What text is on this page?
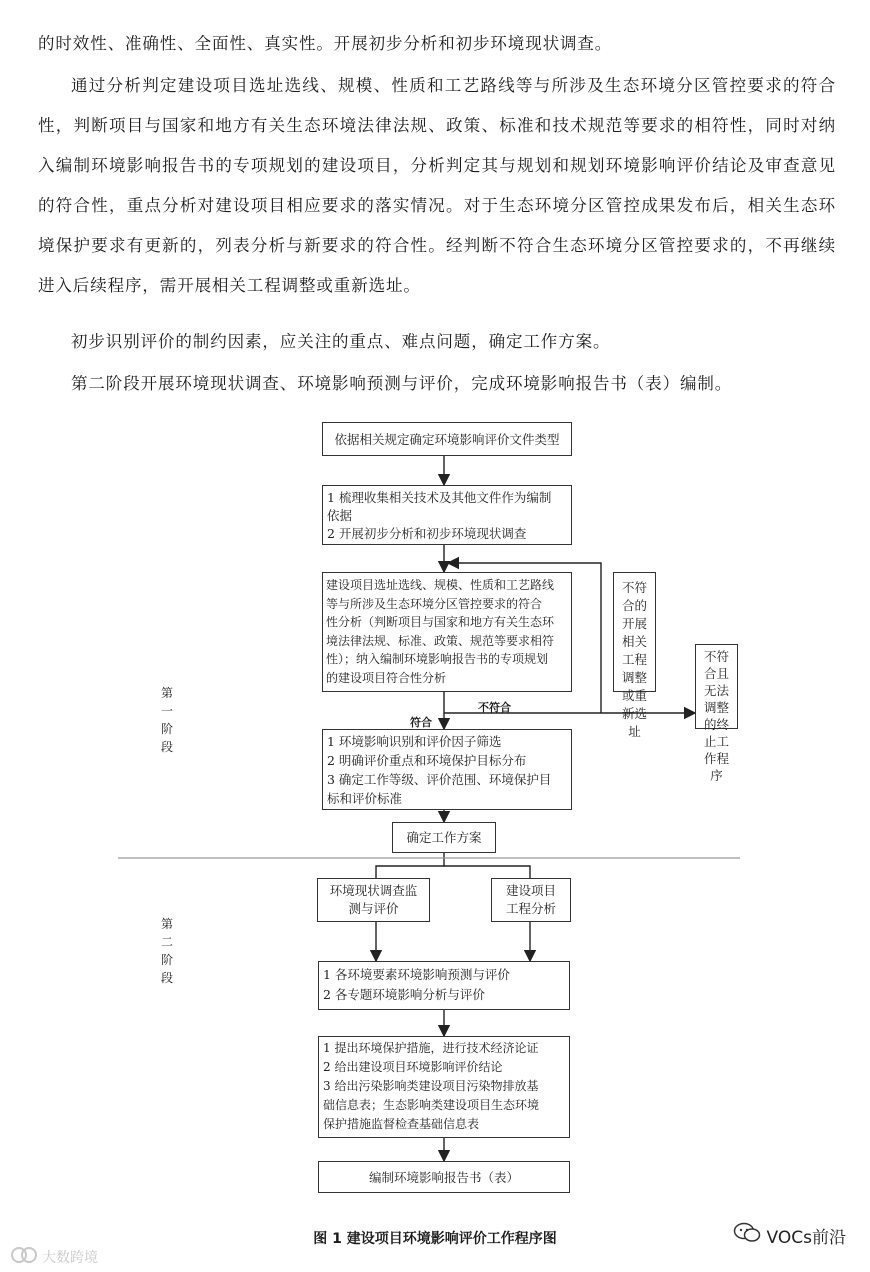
的时效性、准确性、全面性、真实性。开展初步分析和初步环境现状调查。

通过分析判定建设项目选址选线、规模、性质和工艺路线等与所涉及生态环境分区管控要求的符合性，判断项目与国家和地方有关生态环境法律法规、政策、标准和技术规范等要求的相符性，同时对纳入编制环境影响报告书的专项规划的建设项目，分析判定其与规划和规划环境影响评价结论及审查意见的符合性，重点分析对建设项目相应要求的落实情况。对于生态环境分区管控成果发布后，相关生态环境保护要求有更新的，列表分析与新要求的符合性。经判断不符合生态环境分区管控要求的，不再继续进入后续程序，需开展相关工程调整或重新选址。

初步识别评价的制约因素，应关注的重点、难点问题，确定工作方案。

第二阶段开展环境现状调查、环境影响预测与评价，完成环境影响报告书（表）编制。

依据相关规定确定环境影响评价文件类型
1 梳理收集相关技术及其他文件作为编制
依据
2 开展初步分析和初步环境现状调查
建设项目选址选线、规模、性质和工艺路线
等与所涉及生态环境分区管控要求的符合
性分析（判断项目与国家和地方有关生态环
境法律法规、标准、政策、规范等要求相符
性）；纳入编制环境影响报告书的专项规划
的建设项目符合性分析
不符合的开展相关工程调整或重新选址
不符合且无法调整的终止工作程序
不符合
符合
1 环境影响识别和评价因子筛选
2 明确评价重点和环境保护目标分布
3 确定工作等级、评价范围、环境保护目
标和评价标准
确定工作方案
第一阶段
第二阶段
环境现状调查监测与评价
建设项目工程分析
1 各环境要素环境影响预测与评价
2 各专题环境影响分析与评价
1 提出环境保护措施，进行技术经济论证
2 给出建设项目环境影响评价结论
3 给出污染影响类建设项目污染物排放基
础信息表；生态影响类建设项目生态环境
保护措施监督检查基础信息表
编制环境影响报告书（表）
图 1 建设项目环境影响评价工作程序图	VOCs前沿
大数跨境
